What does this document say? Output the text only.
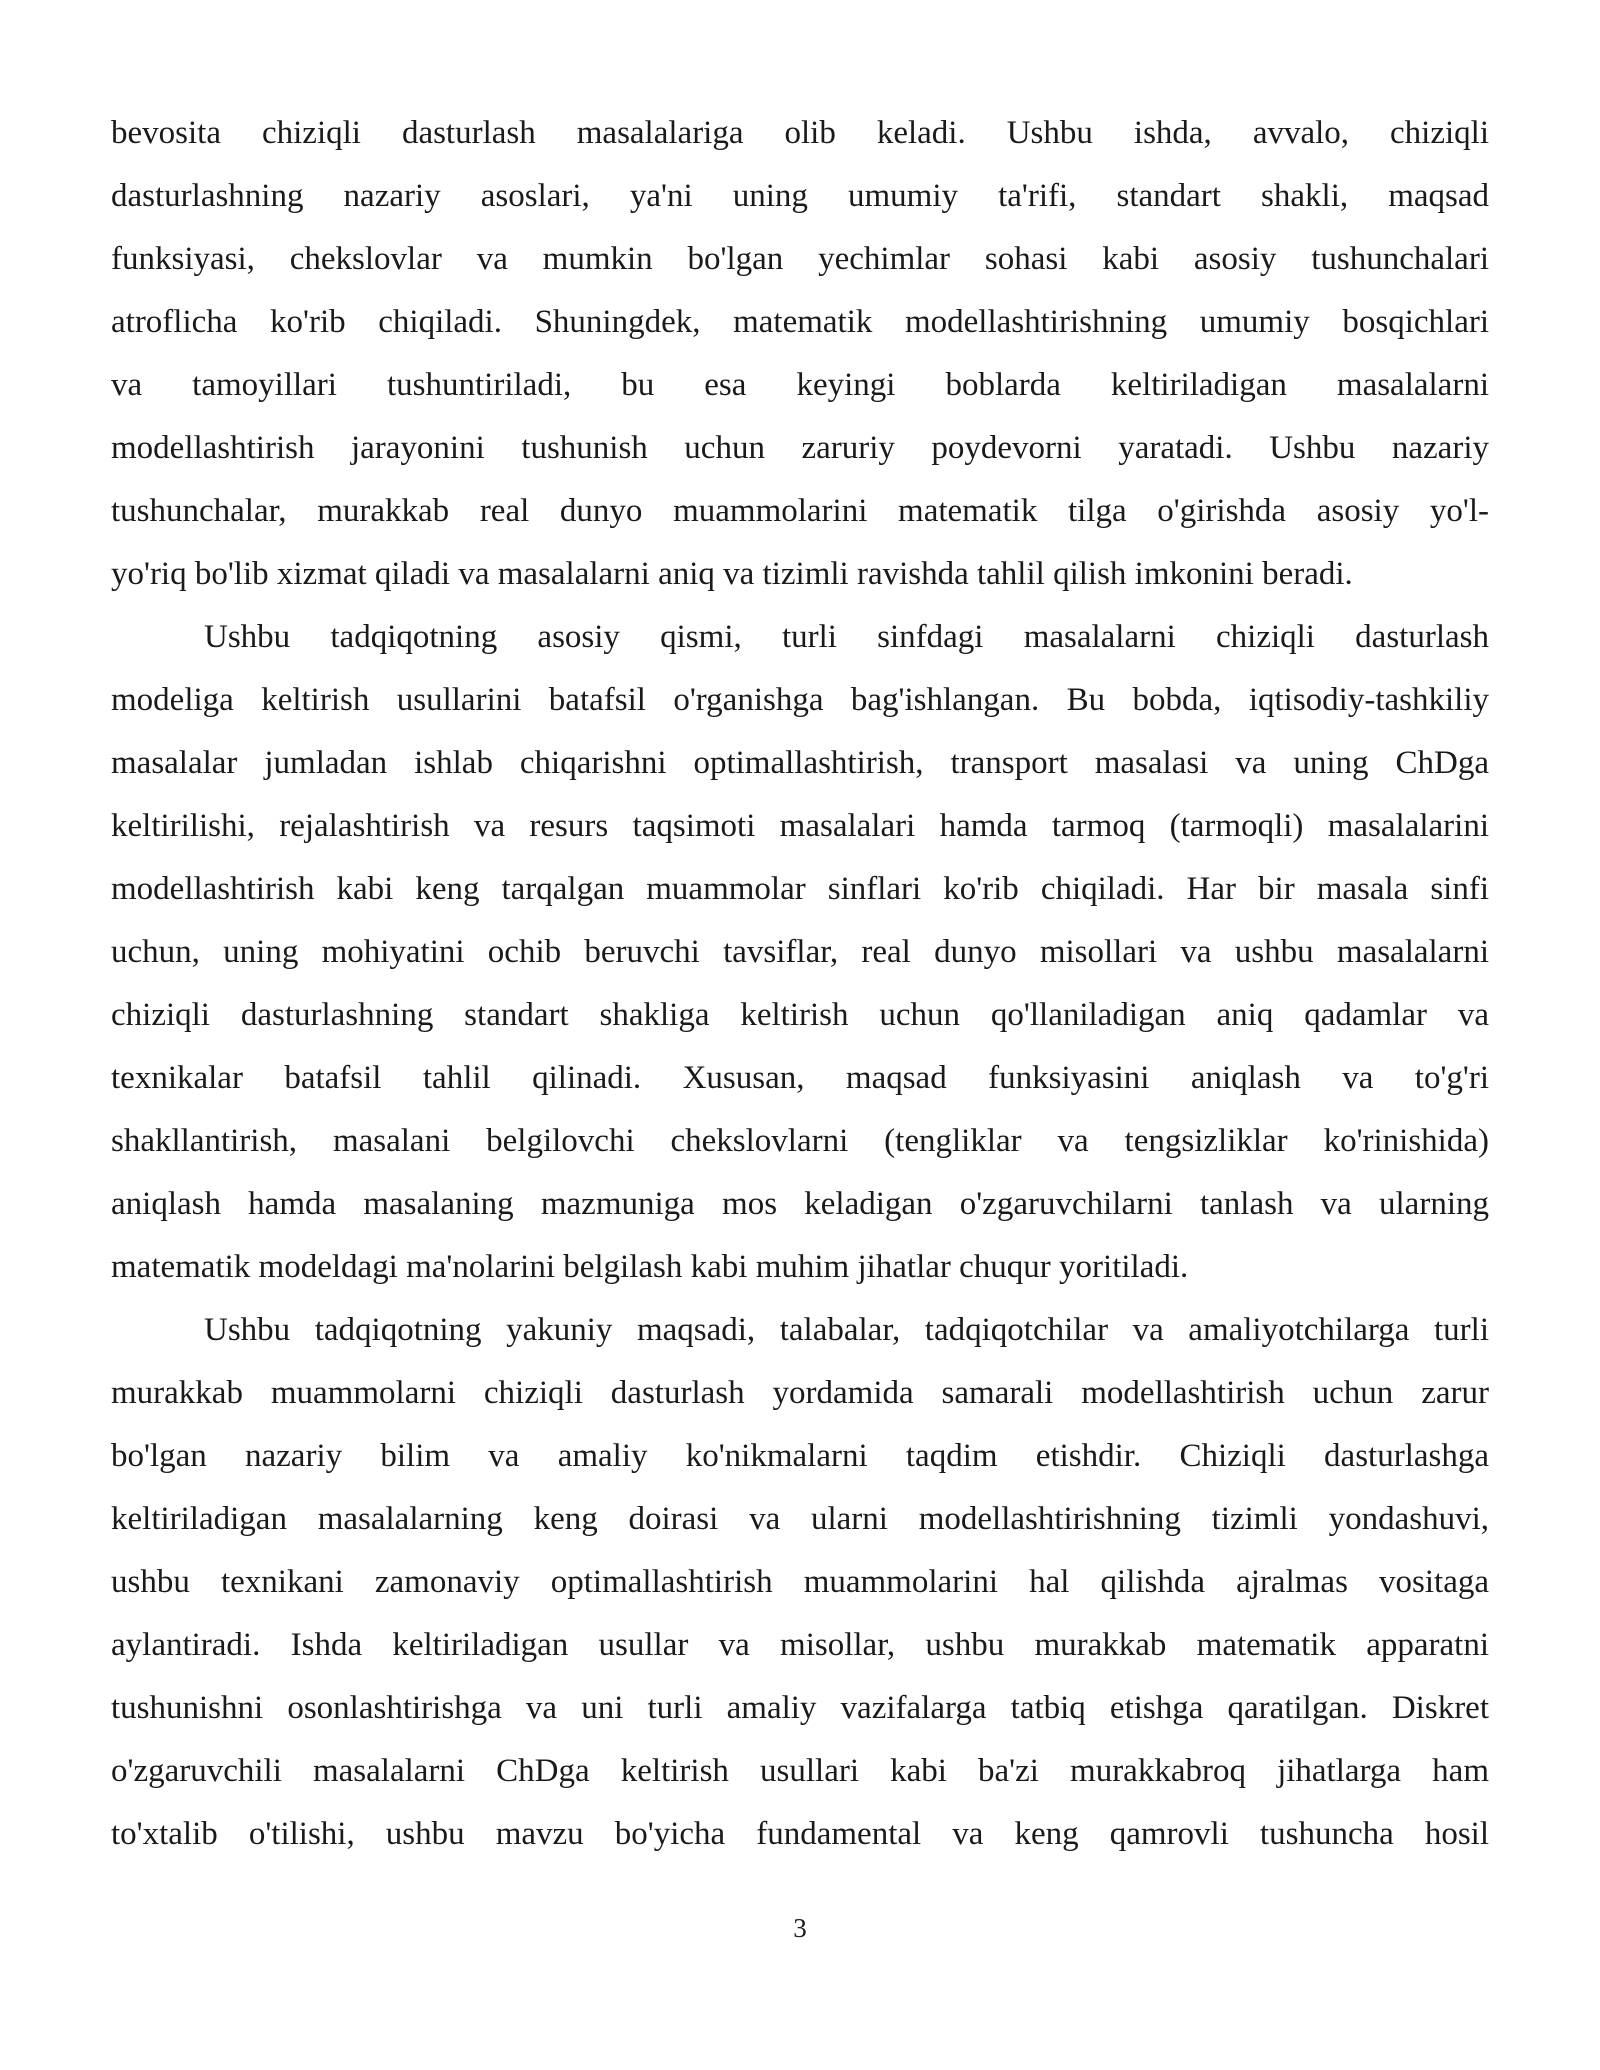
bevosita chiziqli dasturlash masalalariga olib keladi. Ushbu ishda, avvalo, chiziqli
dasturlashning nazariy asoslari, ya'ni uning umumiy ta'rifi, standart shakli, maqsad
funksiyasi, chekslovlar va mumkin bo'lgan yechimlar sohasi kabi asosiy tushunchalari
atroflicha ko'rib chiqiladi. Shuningdek, matematik modellashtirishning umumiy bosqichlari
va tamoyillari tushuntiriladi, bu esa keyingi boblarda keltiriladigan masalalarni
modellashtirish jarayonini tushunish uchun zaruriy poydevorni yaratadi. Ushbu nazariy
tushunchalar, murakkab real dunyo muammolarini matematik tilga o'girishda asosiy yo'l-
yo'riq bo'lib xizmat qiladi va masalalarni aniq va tizimli ravishda tahlil qilish imkonini beradi.
Ushbu tadqiqotning asosiy qismi, turli sinfdagi masalalarni chiziqli dasturlash
modeliga keltirish usullarini batafsil o'rganishga bag'ishlangan. Bu bobda, iqtisodiy-tashkiliy
masalalar jumladan ishlab chiqarishni optimallashtirish, transport masalasi va uning ChDga
keltirilishi, rejalashtirish va resurs taqsimoti masalalari hamda tarmoq (tarmoqli) masalalarini
modellashtirish kabi keng tarqalgan muammolar sinflari ko'rib chiqiladi. Har bir masala sinfi
uchun, uning mohiyatini ochib beruvchi tavsiflar, real dunyo misollari va ushbu masalalarni
chiziqli dasturlashning standart shakliga keltirish uchun qo'llaniladigan aniq qadamlar va
texnikalar batafsil tahlil qilinadi. Xususan, maqsad funksiyasini aniqlash va to'g'ri
shakllantirish, masalani belgilovchi chekslovlarni (tengliklar va tengsizliklar ko'rinishida)
aniqlash hamda masalaning mazmuniga mos keladigan o'zgaruvchilarni tanlash va ularning
matematik modeldagi ma'nolarini belgilash kabi muhim jihatlar chuqur yoritiladi.
Ushbu tadqiqotning yakuniy maqsadi, talabalar, tadqiqotchilar va amaliyotchilarga turli
murakkab muammolarni chiziqli dasturlash yordamida samarali modellashtirish uchun zarur
bo'lgan nazariy bilim va amaliy ko'nikmalarni taqdim etishdir. Chiziqli dasturlashga
keltiriladigan masalalarning keng doirasi va ularni modellashtirishning tizimli yondashuvi,
ushbu texnikani zamonaviy optimallashtirish muammolarini hal qilishda ajralmas vositaga
aylantiradi. Ishda keltiriladigan usullar va misollar, ushbu murakkab matematik apparatni
tushunishni osonlashtirishga va uni turli amaliy vazifalarga tatbiq etishga qaratilgan. Diskret
o'zgaruvchili masalalarni ChDga keltirish usullari kabi ba'zi murakkabroq jihatlarga ham
to'xtalib o'tilishi, ushbu mavzu bo'yicha fundamental va keng qamrovli tushuncha hosil
3
